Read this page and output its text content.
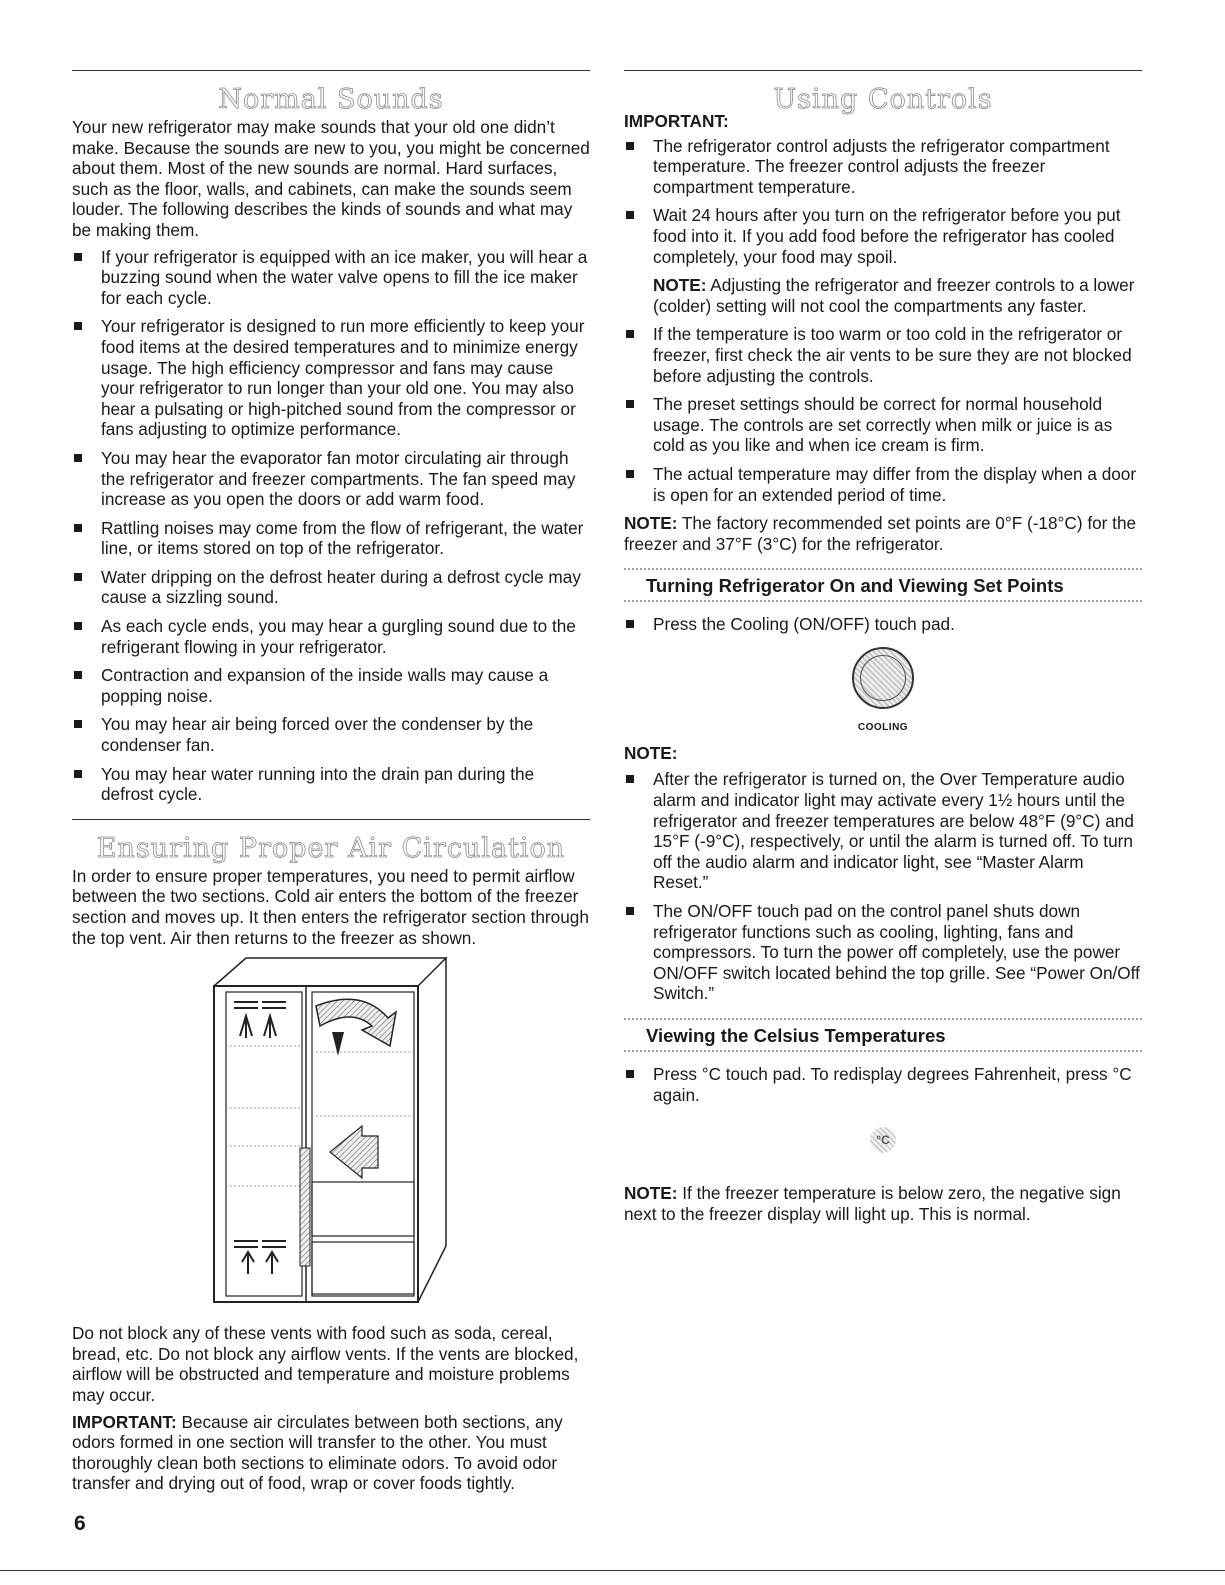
Normal Sounds

Your new refrigerator may make sounds that your old one didn’t make. Because the sounds are new to you, you might be concerned about them. Most of the new sounds are normal. Hard surfaces, such as the floor, walls, and cabinets, can make the sounds seem louder. The following describes the kinds of sounds and what may be making them.

If your refrigerator is equipped with an ice maker, you will hear a buzzing sound when the water valve opens to fill the ice maker for each cycle.
Your refrigerator is designed to run more efficiently to keep your food items at the desired temperatures and to minimize energy usage. The high efficiency compressor and fans may cause your refrigerator to run longer than your old one. You may also hear a pulsating or high-pitched sound from the compressor or fans adjusting to optimize performance.
You may hear the evaporator fan motor circulating air through the refrigerator and freezer compartments. The fan speed may increase as you open the doors or add warm food.
Rattling noises may come from the flow of refrigerant, the water line, or items stored on top of the refrigerator.
Water dripping on the defrost heater during a defrost cycle may cause a sizzling sound.
As each cycle ends, you may hear a gurgling sound due to the refrigerant flowing in your refrigerator.
Contraction and expansion of the inside walls may cause a popping noise.
You may hear air being forced over the condenser by the condenser fan.
You may hear water running into the drain pan during the defrost cycle.
Ensuring Proper Air Circulation

In order to ensure proper temperatures, you need to permit airflow between the two sections. Cold air enters the bottom of the freezer section and moves up. It then enters the refrigerator section through the top vent. Air then returns to the freezer as shown.

Do not block any of these vents with food such as soda, cereal, bread, etc. Do not block any airflow vents. If the vents are blocked, airflow will be obstructed and temperature and moisture problems may occur.

IMPORTANT: Because air circulates between both sections, any odors formed in one section will transfer to the other. You must thoroughly clean both sections to eliminate odors. To avoid odor transfer and drying out of food, wrap or cover foods tightly.

Using Controls
IMPORTANT:
The refrigerator control adjusts the refrigerator compartment temperature. The freezer control adjusts the freezer compartment temperature.
Wait 24 hours after you turn on the refrigerator before you put food into it. If you add food before the refrigerator has cooled completely, your food may spoil.

NOTE: Adjusting the refrigerator and freezer controls to a lower (colder) setting will not cool the compartments any faster.

If the temperature is too warm or too cold in the refrigerator or freezer, first check the air vents to be sure they are not blocked before adjusting the controls.
The preset settings should be correct for normal household usage. The controls are set correctly when milk or juice is as cold as you like and when ice cream is firm.
The actual temperature may differ from the display when a door is open for an extended period of time.

NOTE: The factory recommended set points are 0°F (-18°C) for the freezer and 37°F (3°C) for the refrigerator.

Turning Refrigerator On and Viewing Set Points
Press the Cooling (ON/OFF) touch pad.
COOLING
NOTE:
After the refrigerator is turned on, the Over Temperature audio alarm and indicator light may activate every 1½ hours until the refrigerator and freezer temperatures are below 48°F (9°C) and 15°F (-9°C), respectively, or until the alarm is turned off. To turn off the audio alarm and indicator light, see “Master Alarm Reset.”
The ON/OFF touch pad on the control panel shuts down refrigerator functions such as cooling, lighting, fans and compressors. To turn the power off completely, use the power ON/OFF switch located behind the top grille. See “Power On/Off Switch.”
Viewing the Celsius Temperatures
Press °C touch pad. To redisplay degrees Fahrenheit, press °C again.
°C

NOTE: If the freezer temperature is below zero, the negative sign next to the freezer display will light up. This is normal.

6
